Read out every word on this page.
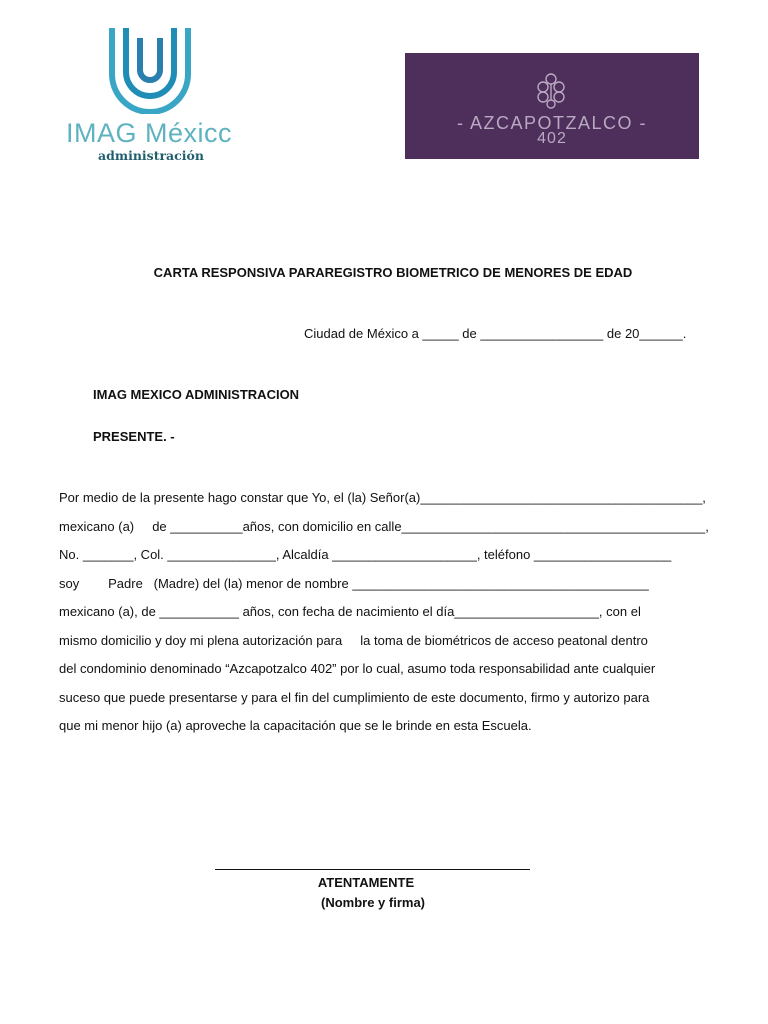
IMAG Méxicc
administración
- AZCAPOTZALCO -
402
CARTA RESPONSIVA PARAREGISTRO BIOMETRICO DE MENORES DE EDAD
Ciudad de México a _____ de _________________ de 20______.
IMAG MEXICO ADMINISTRACION
PRESENTE. -
Por medio de la presente hago constar que Yo, el (la) Señor(a)_______________________________________,
mexicano (a)     de __________años, con domicilio en calle__________________________________________,
No. _______, Col. _______________, Alcaldía ____________________, teléfono ___________________
soy        Padre   (Madre) del (la) menor de nombre _________________________________________
mexicano (a), de ___________ años, con fecha de nacimiento el día____________________, con el
mismo domicilio y doy mi plena autorización para     la toma de biométricos de acceso peatonal dentro
del condominio denominado “Azcapotzalco 402” por lo cual, asumo toda responsabilidad ante cualquier
suceso que puede presentarse y para el fin del cumplimiento de este documento, firmo y autorizo para
que mi menor hijo (a) aproveche la capacitación que se le brinde en esta Escuela.
ATENTAMENTE
(Nombre y firma)
